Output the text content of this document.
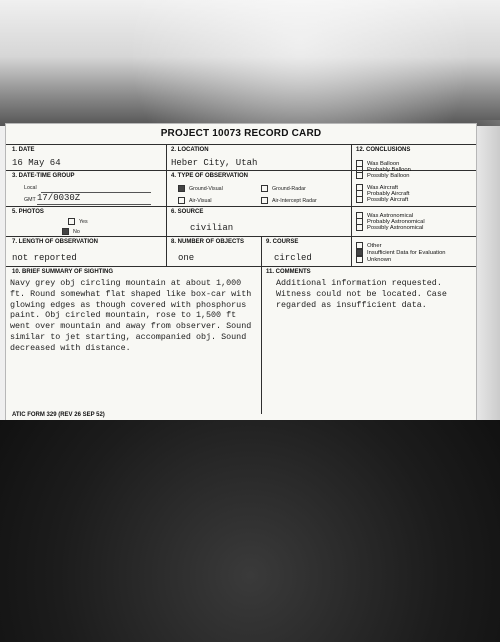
PROJECT 10073 RECORD CARD
1. DATE
16 May 64
2. LOCATION
Heber City, Utah
12. CONCLUSIONS
3. DATE-TIME GROUP
Local
GMT 17/0030Z
4. TYPE OF OBSERVATION
Ground-Visual	Ground-Radar
Air-Visual	Air-Intercept Radar
5. PHOTOS
Yes
No
6. SOURCE
civilian
7. LENGTH OF OBSERVATION
not reported
8. NUMBER OF OBJECTS
one
9. COURSE
circled
10. BRIEF SUMMARY OF SIGHTING
Navy grey obj circling mountain at about 1,000
ft. Round somewhat flat shaped like box-car with
glowing edges as though covered with phosphorus
paint. Obj circled mountain, rose to 1,500 ft
went over mountain and away from observer. Sound
similar to jet starting, accompanied obj. Sound
decreased with distance.
11. COMMENTS
Additional information requested.
Witness could not be located. Case
regarded as insufficient data.
Was Balloon
Probably Balloon
Possibly Balloon
Was Aircraft
Probably Aircraft
Possibly Aircraft
Was Astronomical
Probably Astronomical
Possibly Astronomical
Other
Insufficient Data for Evaluation
Unknown
ATIC FORM 329 (REV 26 SEP 52)
